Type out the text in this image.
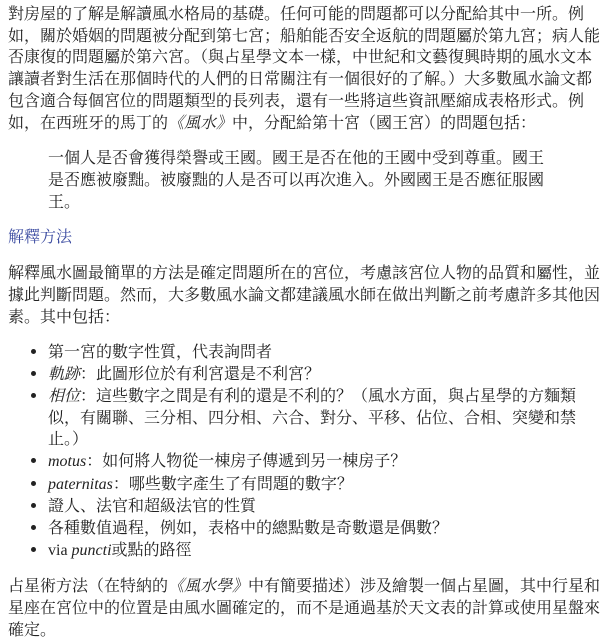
對房屋的了解是解讀風水格局的基礎。任何可能的問題都可以分配給其中一所。例如，關於婚姻的問題被分配到第七宮；船舶能否安全返航的問題屬於第九宮；病人能否康復的問題屬於第六宮。（與占星學文本一樣，中世紀和文藝復興時期的風水文本讓讀者對生活在那個時代的人們的日常關注有一個很好的了解。）大多數風水論文都包含適合每個宮位的問題類型的長列表，還有一些將這些資訊壓縮成表格形式。例如，在西班牙的馬丁的《風水》中，分配給第十宮（國王宮）的問題包括：

一個人是否會獲得榮譽或王國。國王是否在他的王國中受到尊重。國王是否應被廢黜。被廢黜的人是否可以再次進入。外國國王是否應征服國王。
解釋方法

解釋風水圖最簡單的方法是確定問題所在的宮位，考慮該宮位人物的品質和屬性，並據此判斷問題。然而，大多數風水論文都建議風水師在做出判斷之前考慮許多其他因素。其中包括：

• 第一宮的數字性質，代表詢問者
• 軌跡：此圖形位於有利宮還是不利宮？
• 相位：這些數字之間是有利的還是不利的？（風水方面，與占星學的方麵類似，有關聯、三分相、四分相、六合、對分、平移、佔位、合相、突變和禁止。）
• motus：如何將人物從一棟房子傳遞到另一棟房子？
• paternitas：哪些數字產生了有問題的數字？
• 證人、法官和超級法官的性質
• 各種數值過程，例如，表格中的總點數是奇數還是偶數？
• via puncti或點的路徑

占星術方法（在特納的《風水學》中有簡要描述）涉及繪製一個占星圖，其中行星和星座在宮位中的位置是由風水圖確定的，而不是通過基於天文表的計算或使用星盤來確定。
